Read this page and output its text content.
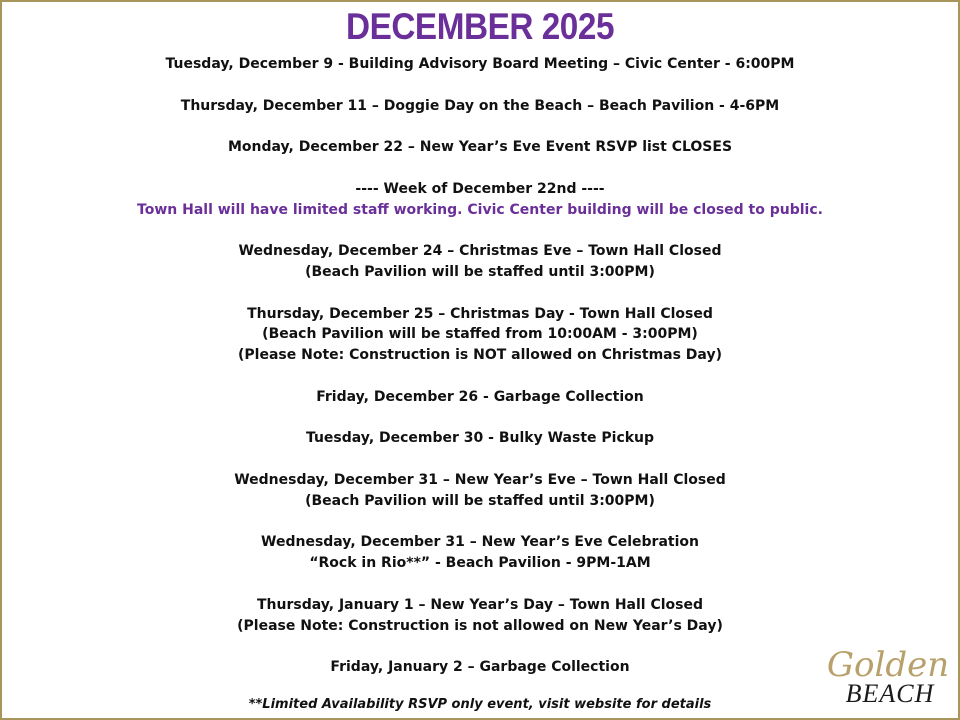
DECEMBER 2025
Tuesday, December 9 - Building Advisory Board Meeting – Civic Center - 6:00PM
Thursday, December 11 – Doggie Day on the Beach – Beach Pavilion - 4-6PM
Monday, December 22 – New Year’s Eve Event RSVP list CLOSES
---- Week of December 22nd ----
Town Hall will have limited staff working. Civic Center building will be closed to public.
Wednesday, December 24 – Christmas Eve – Town Hall Closed
(Beach Pavilion will be staffed until 3:00PM)
Thursday, December 25 – Christmas Day - Town Hall Closed
(Beach Pavilion will be staffed from 10:00AM - 3:00PM)
(Please Note: Construction is NOT allowed on Christmas Day)
Friday, December 26 - Garbage Collection
Tuesday, December 30 - Bulky Waste Pickup
Wednesday, December 31 – New Year’s Eve – Town Hall Closed
(Beach Pavilion will be staffed until 3:00PM)
Wednesday, December 31 – New Year’s Eve Celebration
“Rock in Rio**” - Beach Pavilion - 9PM-1AM
Thursday, January 1 – New Year’s Day – Town Hall Closed
(Please Note: Construction is not allowed on New Year’s Day)
Friday, January 2 – Garbage Collection
**Limited Availability RSVP only event, visit website for details
Golden
BEACH
